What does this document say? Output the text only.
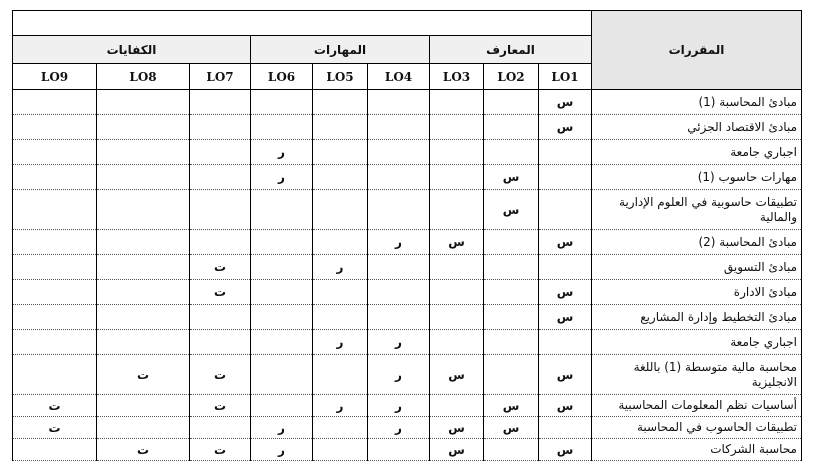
									المقررات
الكفايات			المهارات			المعارف			
LO9	LO8	LO7	LO6	LO5	LO4	LO3	LO2	LO1	
								س	مبادئ المحاسبة (1)
								س	مبادئ الاقتصاد الجزئي
			ر						اجباري جامعة
			ر				س		مهارات حاسوب (1)
							س		تطبيقات حاسوبية في العلوم الإدارية والمالية
					ر	س		س	مبادئ المحاسبة (2)
		ت		ر					مبادئ التسويق
		ت						س	مبادئ الادارة
								س	مبادئ التخطيط وإدارة المشاريع
				ر	ر				اجباري جامعة
	ت	ت			ر	س		س	محاسبة مالية متوسطة (1) باللغة الانجليزية
ت		ت		ر	ر		س	س	أساسيات نظم المعلومات المحاسبية
ت			ر		ر	س	س		تطبيقات الحاسوب في المحاسبة
	ت	ت	ر			س		س	محاسبة الشركات
